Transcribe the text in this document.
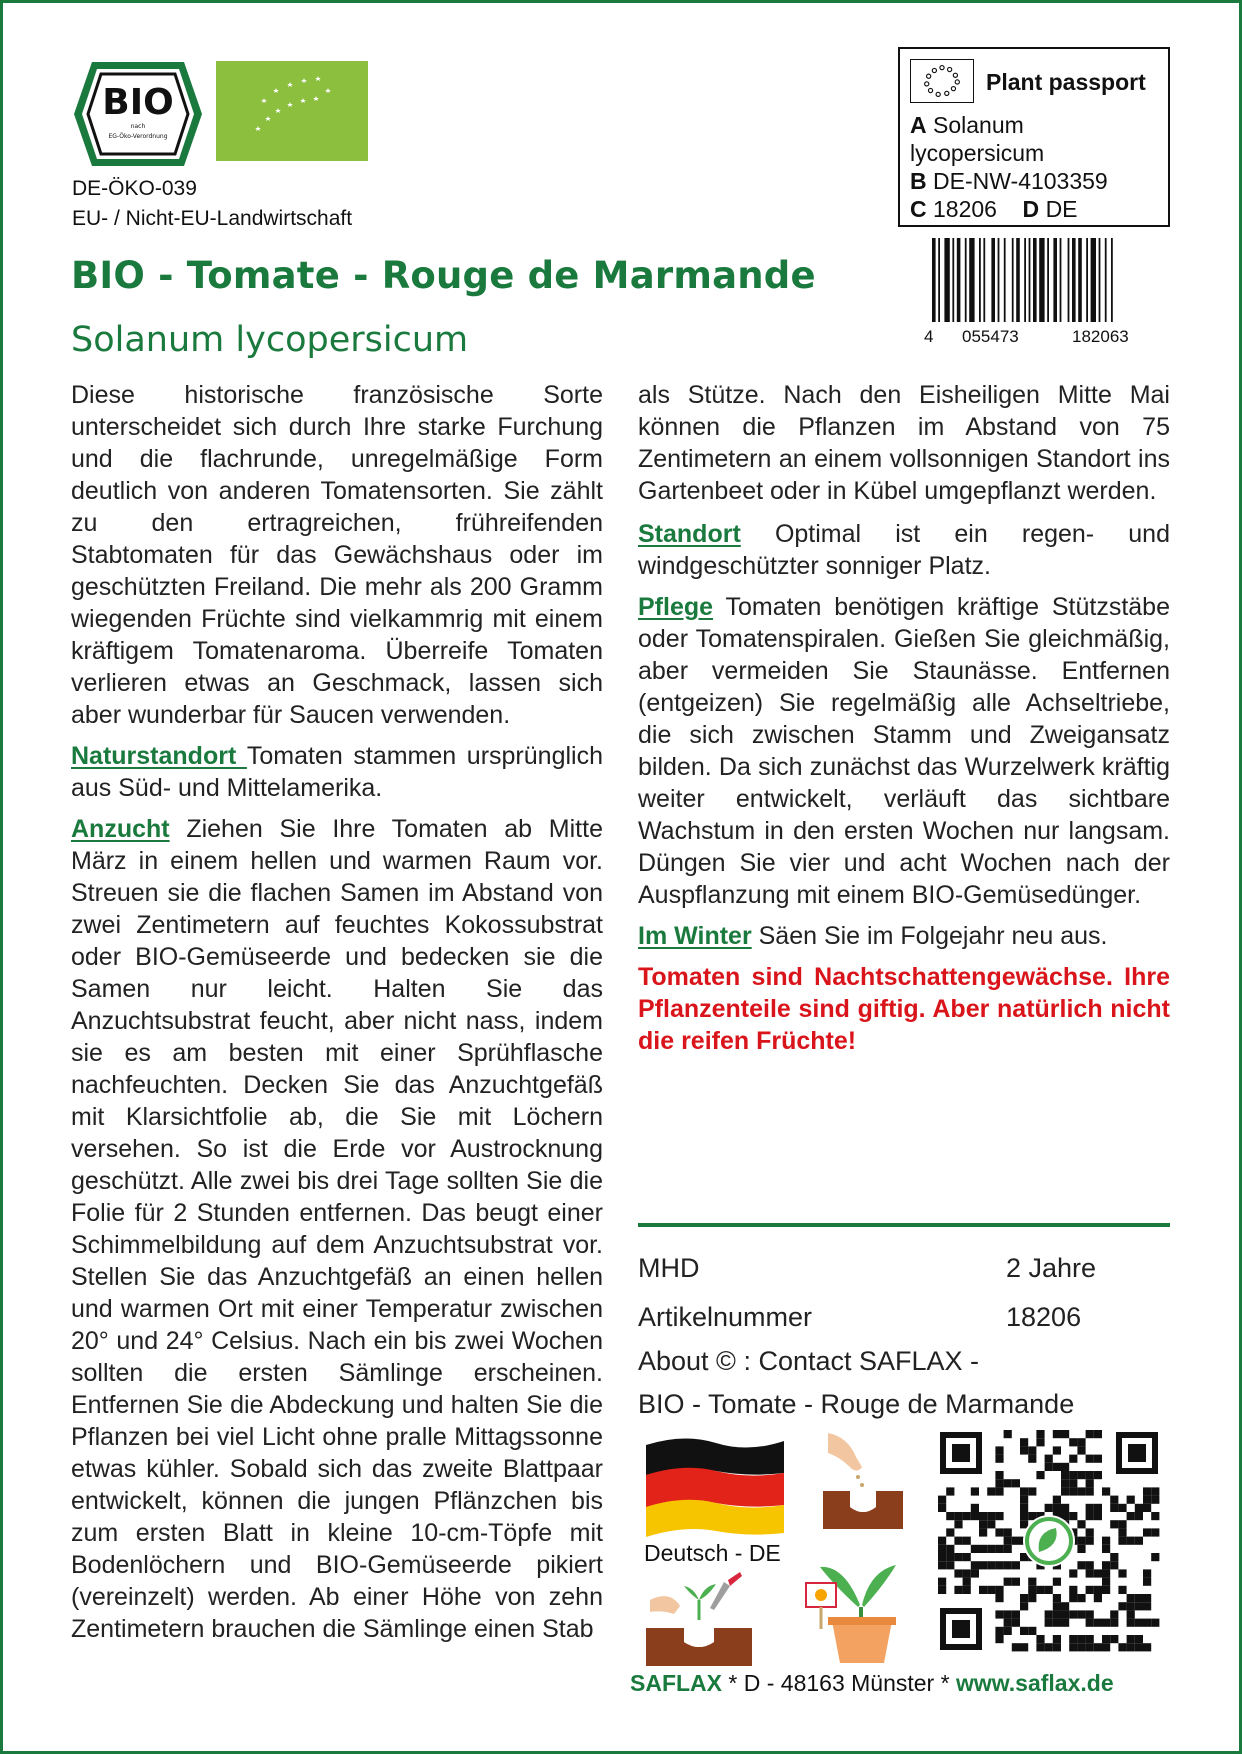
BIO
nach
EG-Öko-Verordnung
DE-ÖKO-039
EU- / Nicht-EU-Landwirtschaft
Plant passport
A Solanum
lycopersicum
B DE-NW-4103359
C 18206 D DE
4 055473	182063
BIO - Tomate - Rouge de Marmande
Solanum lycopersicum

Diese historische französische Sorte unterscheidet sich durch Ihre starke Furchung und die flachrunde, unregelmäßige Form deutlich von anderen Tomatensorten. Sie zählt zu den ertragreichen, frühreifenden Stabtomaten für das Gewächshaus oder im geschützten Freiland. Die mehr als 200 Gramm wiegenden Früchte sind vielkammrig mit einem kräftigem Tomatenaroma. Überreife Tomaten verlieren etwas an Geschmack, lassen sich aber wunderbar für Saucen verwenden.

Naturstandort Tomaten stammen ursprünglich aus Süd- und Mittelamerika.

Anzucht Ziehen Sie Ihre Tomaten ab Mitte März in einem hellen und warmen Raum vor. Streuen sie die flachen Samen im Abstand von zwei Zentimetern auf feuchtes Kokossubstrat oder BIO-Gemüseerde und bedecken sie die Samen nur leicht. Halten Sie das Anzuchtsubstrat feucht, aber nicht nass, indem sie es am besten mit einer Sprühflasche nachfeuchten. Decken Sie das Anzuchtgefäß mit Klarsichtfolie ab, die Sie mit Löchern versehen. So ist die Erde vor Austrocknung geschützt. Alle zwei bis drei Tage sollten Sie die Folie für 2 Stunden entfernen. Das beugt einer Schimmelbildung auf dem Anzuchtsubstrat vor. Stellen Sie das Anzuchtgefäß an einen hellen und warmen Ort mit einer Temperatur zwischen 20° und 24° Celsius. Nach ein bis zwei Wochen sollten die ersten Sämlinge erscheinen. Entfernen Sie die Abdeckung und halten Sie die Pflanzen bei viel Licht ohne pralle Mittagssonne etwas kühler. Sobald sich das zweite Blattpaar entwickelt, können die jungen Pflänzchen bis zum ersten Blatt in kleine 10-cm-Töpfe mit Bodenlöchern und BIO-Gemüseerde pikiert (vereinzelt) werden. Ab einer Höhe von zehn Zentimetern brauchen die Sämlinge einen Stab

als Stütze. Nach den Eisheiligen Mitte Mai können die Pflanzen im Abstand von 75 Zentimetern an einem vollsonnigen Standort ins Gartenbeet oder in Kübel umgepflanzt werden.

Standort Optimal ist ein regen- und windgeschützter sonniger Platz.

Pflege Tomaten benötigen kräftige Stützstäbe oder Tomatenspiralen. Gießen Sie gleichmäßig, aber vermeiden Sie Staunässe. Entfernen (entgeizen) Sie regelmäßig alle Achseltriebe, die sich zwischen Stamm und Zweigansatz bilden. Da sich zunächst das Wurzelwerk kräftig weiter entwickelt, verläuft das sichtbare Wachstum in den ersten Wochen nur langsam. Düngen Sie vier und acht Wochen nach der Auspflanzung mit einem BIO-Gemüsedünger.

Im Winter Säen Sie im Folgejahr neu aus.

Tomaten sind Nachtschattengewächse. Ihre Pflanzenteile sind giftig. Aber natürlich nicht die reifen Früchte!

MHD	2 Jahre
Artikelnummer	18206
About © : Contact SAFLAX -
BIO - Tomate - Rouge de Marmande
Deutsch - DE
SAFLAX * D - 48163 Münster * www.saflax.de
